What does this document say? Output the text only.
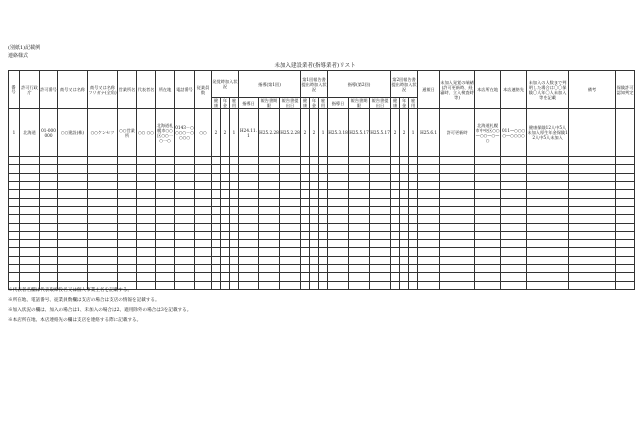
(別紙1)記載例
連絡様式
未加入建設業者(指導業者)リスト
番号	許可行政庁	許可番号	商号又は名称	商号又は名称フリガナ(全角)	営業所名	代表者名	所在地	電話番号	従業員数	発覚時加入状況			指導(第1回)			第1回報告書提出時加入状況			指導(第2回)			第2回報告書提出時加入状況			通報日	未加入発覚の端緒(許可更新時、経審時、立入検査時等)	本店所在地	本店連絡先	未加入の人数まで判明した場合は〇〇保険〇人年〇人未加入等を記載	備考	保険許可認知判定

										健康	年金	雇用	指導日	報告書期限	報告書提出日	健康	年金	雇用	指導日	報告書期限	報告書提出日	健康	年金	雇用							
1	北海道	01-000000	○○建設(株)	○○ケンセツ	○○営業所	○○ ○○	北海道札幌市○○区○○一○一○	0143－○○○○－○○○○	○○	2	2	1	H24.11.1	H25.2.28	H25.2.28	2	2	1	H25.3.18	H25.5.17	H25.5.17	2	2	1	H25.6.1	許可更新時	北海道札幌市中央区○○—○○—○—○	011—○○○○—○○○○	健康保険12人中5人未加入厚生年金保険12人中5人未加入		

※代表者名欄は代表取締役名又は個人事業主名を記載する。
※所在地、電話番号、従業員数欄は支店の場合は支店の情報を記載する。
※加入状況の欄は、加入の場合は1、未加入の場合は2、適用除外の場合は3を記載する。
※本店所在地、本店連絡先の欄は支店を連絡する際に記載する。
